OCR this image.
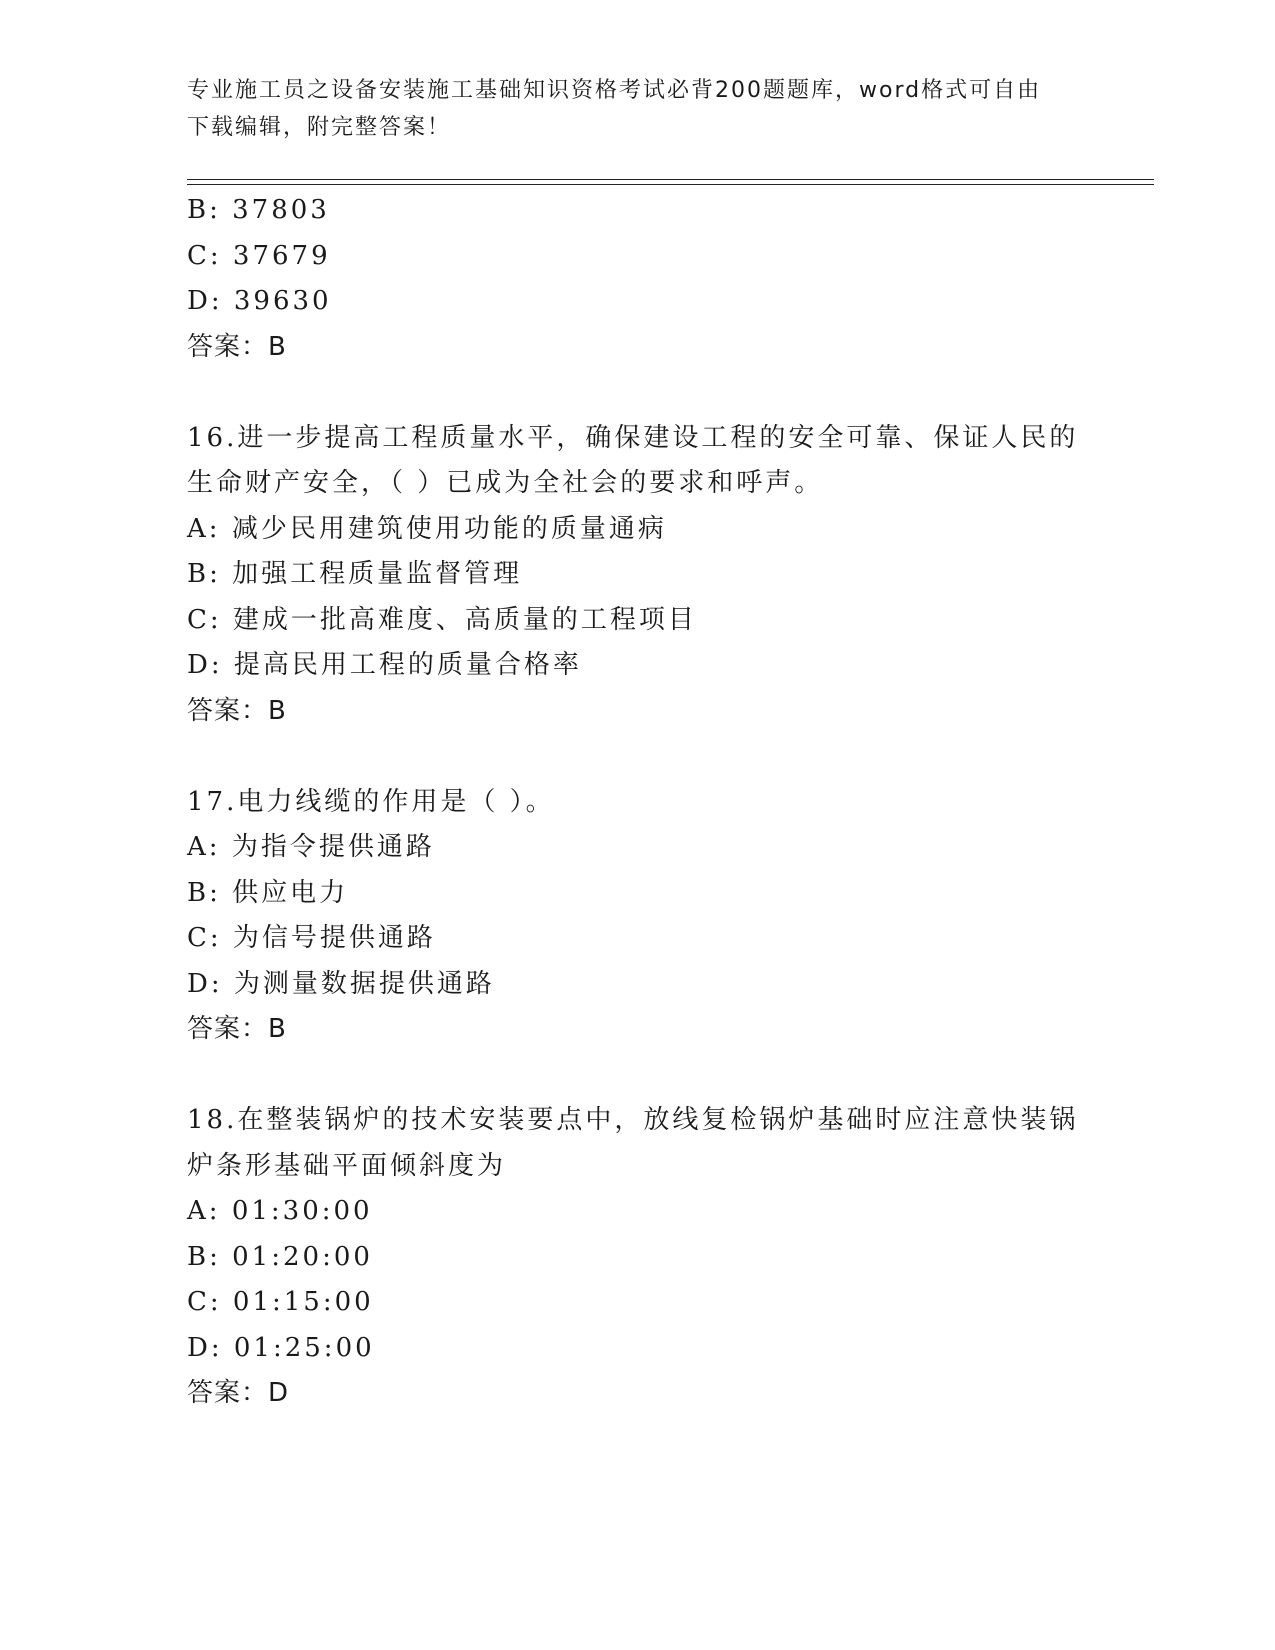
专业施工员之设备安装施工基础知识资格考试必背200题题库，word格式可自由
下载编辑，附完整答案！
B: 37803
C: 37679
D: 39630
答案：B
16.进一步提高工程质量水平，确保建设工程的安全可靠、保证人民的
生命财产安全，（ ）已成为全社会的要求和呼声。
A: 减少民用建筑使用功能的质量通病
B: 加强工程质量监督管理
C: 建成一批高难度、高质量的工程项目
D: 提高民用工程的质量合格率
答案：B
17.电力线缆的作用是（ ）。
A: 为指令提供通路
B: 供应电力
C: 为信号提供通路
D: 为测量数据提供通路
答案：B
18.在整装锅炉的技术安装要点中，放线复检锅炉基础时应注意快装锅
炉条形基础平面倾斜度为
A: 01:30:00
B: 01:20:00
C: 01:15:00
D: 01:25:00
答案：D
